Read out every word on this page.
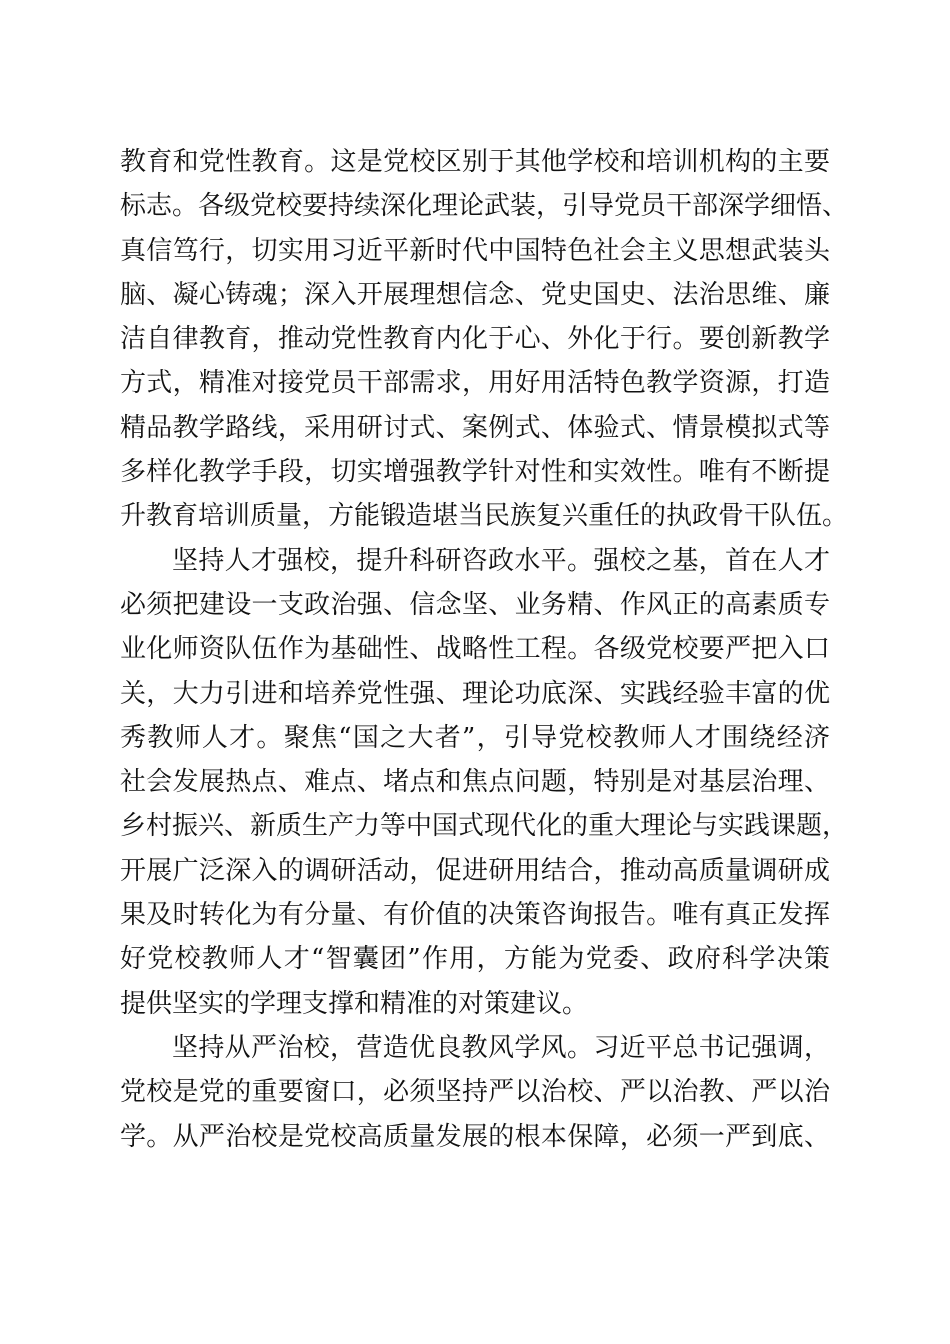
教育和党性教育。这是党校区别于其他学校和培训机构的主要
标志。各级党校要持续深化理论武装，引导党员干部深学细悟、
真信笃行，切实用习近平新时代中国特色社会主义思想武装头
脑、凝心铸魂；深入开展理想信念、党史国史、法治思维、廉
洁自律教育，推动党性教育内化于心、外化于行。要创新教学
方式，精准对接党员干部需求，用好用活特色教学资源，打造
精品教学路线，采用研讨式、案例式、体验式、情景模拟式等
多样化教学手段，切实增强教学针对性和实效性。唯有不断提
升教育培训质量，方能锻造堪当民族复兴重任的执政骨干队伍。
坚持人才强校，提升科研咨政水平。强校之基，首在人才
必须把建设一支政治强、信念坚、业务精、作风正的高素质专
业化师资队伍作为基础性、战略性工程。各级党校要严把入口
关，大力引进和培养党性强、理论功底深、实践经验丰富的优
秀教师人才。聚焦“国之大者”，引导党校教师人才围绕经济
社会发展热点、难点、堵点和焦点问题，特别是对基层治理、
乡村振兴、新质生产力等中国式现代化的重大理论与实践课题，
开展广泛深入的调研活动，促进研用结合，推动高质量调研成
果及时转化为有分量、有价值的决策咨询报告。唯有真正发挥
好党校教师人才“智囊团”作用，方能为党委、政府科学决策
提供坚实的学理支撑和精准的对策建议。
坚持从严治校，营造优良教风学风。习近平总书记强调，
党校是党的重要窗口，必须坚持严以治校、严以治教、严以治
学。从严治校是党校高质量发展的根本保障，必须一严到底、
